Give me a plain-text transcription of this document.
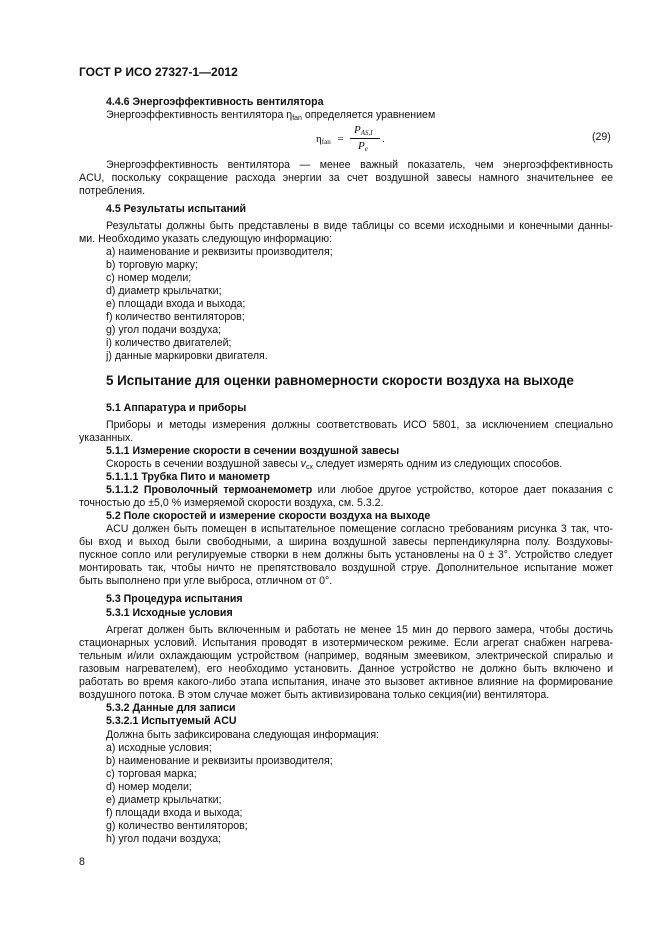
ГОСТ Р ИСО 27327-1—2012
4.4.6 Энергоэффективность вентилятора
Энергоэффективность вентилятора $\eta_{fan}$ определяется уравнением
$\eta_{fan}$ =
$P_{AS,I}$
$P_e$
.	(29)
Энергоэффективность вентилятора — менее важный показатель, чем энергоэффективность
ACU, поскольку сокращение расхода энергии за счет воздушной завесы намного значительнее ее
потребления.
4.5 Результаты испытаний
Результаты должны быть представлены в виде таблицы со всеми исходными и конечными данны-
ми. Необходимо указать следующую информацию:
a) наименование и реквизиты производителя;
b) торговую марку;
c) номер модели;
d) диаметр крыльчатки;
e) площади входа и выхода;
f) количество вентиляторов;
g) угол подачи воздуха;
i) количество двигателей;
j) данные маркировки двигателя.
5 Испытание для оценки равномерности скорости воздуха на выходе
5.1 Аппаратура и приборы
Приборы и методы измерения должны соответствовать ИСО 5801, за исключением специально
указанных.
5.1.1 Измерение скорости в сечении воздушной завесы
Скорость в сечении воздушной завесы $v_{cx}$ следует измерять одним из следующих способов.
5.1.1.1 Трубка Пито и манометр
5.1.1.2 Проволочный термоанемометр или любое другое устройство, которое дает показания с
точностью до ±5,0 % измеряемой скорости воздуха, см. 5.3.2.
5.2 Поле скоростей и измерение скорости воздуха на выходе
ACU должен быть помещен в испытательное помещение согласно требованиям рисунка 3 так, что-
бы вход и выход были свободными, а ширина воздушной завесы перпендикулярна полу. Воздуховы-
пускное сопло или регулируемые створки в нем должны быть установлены на 0 ± 3°. Устройство следует
монтировать так, чтобы ничто не препятствовало воздушной струе. Дополнительное испытание может
быть выполнено при угле выброса, отличном от 0°.
5.3 Процедура испытания
5.3.1 Исходные условия
Агрегат должен быть включенным и работать не менее 15 мин до первого замера, чтобы достичь
стационарных условий. Испытания проводят в изотермическом режиме. Если агрегат снабжен нагрева-
тельным и/или охлаждающим устройством (например, водяным змеевиком, электрической спиралью и
газовым нагревателем), его необходимо установить. Данное устройство не должно быть включено и
работать во время какого-либо этапа испытания, иначе это вызовет активное влияние на формирование
воздушного потока. В этом случае может быть активизирована только секция(ии) вентилятора.
5.3.2 Данные для записи
5.3.2.1 Испытуемый ACU
Должна быть зафиксирована следующая информация:
a) исходные условия;
b) наименование и реквизиты производителя;
c) торговая марка;
d) номер модели;
e) диаметр крыльчатки;
f) площади входа и выхода;
g) количество вентиляторов;
h) угол подачи воздуха;
8
